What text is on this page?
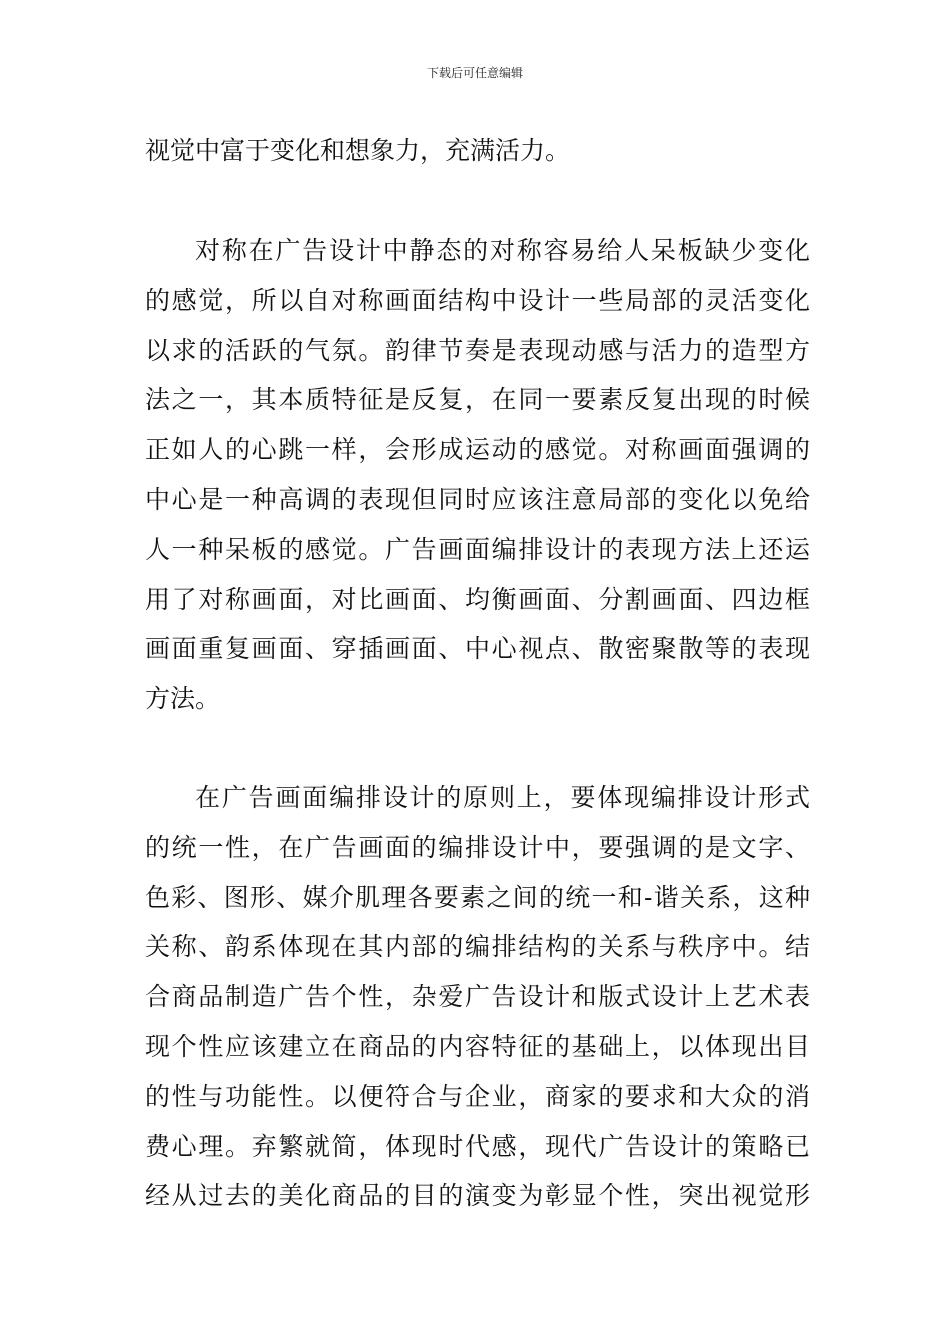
下载后可任意编辑
视觉中富于变化和想象力，充满活力。
对称在广告设计中静态的对称容易给人呆板缺少变化
的感觉，所以自对称画面结构中设计一些局部的灵活变化
以求的活跃的气氛。韵律节奏是表现动感与活力的造型方
法之一，其本质特征是反复，在同一要素反复出现的时候
正如人的心跳一样，会形成运动的感觉。对称画面强调的
中心是一种高调的表现但同时应该注意局部的变化以免给
人一种呆板的感觉。广告画面编排设计的表现方法上还运
用了对称画面，对比画面、均衡画面、分割画面、四边框
画面重复画面、穿插画面、中心视点、散密聚散等的表现
方法。
在广告画面编排设计的原则上，要体现编排设计形式
的统一性，在广告画面的编排设计中，要强调的是文字、
色彩、图形、媒介肌理各要素之间的统一和-谐关系，这种
关称、韵系体现在其内部的编排结构的关系与秩序中。结
合商品制造广告个性，杂爱广告设计和版式设计上艺术表
现个性应该建立在商品的内容特征的基础上，以体现出目
的性与功能性。以便符合与企业，商家的要求和大众的消
费心理。弃繁就简，体现时代感，现代广告设计的策略已
经从过去的美化商品的目的演变为彰显个性，突出视觉形
